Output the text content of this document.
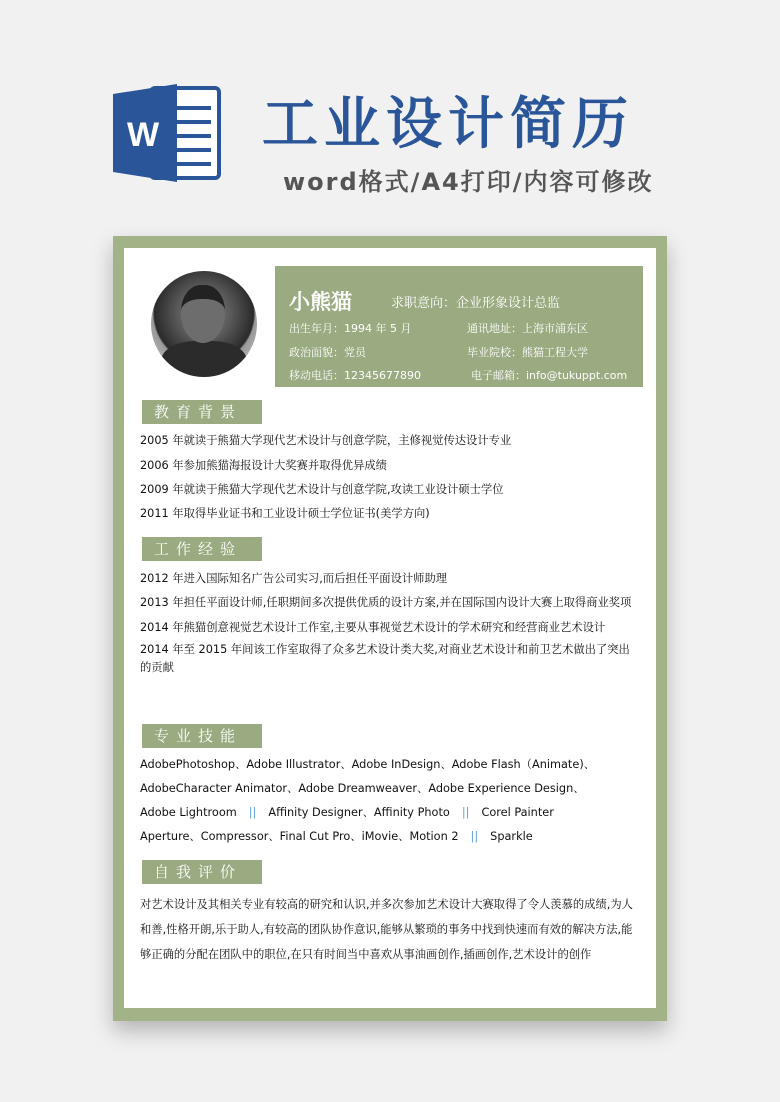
W 工业设计简历
word格式/A4打印/内容可修改
小熊猫	求职意向：企业形象设计总监
出生年月：1994 年 5 月	通讯地址：上海市浦东区
政治面貌：党员	毕业院校：熊猫工程大学
移动电话：12345677890	电子邮箱：info@tukuppt.com
教育背景
2005 年就读于熊猫大学现代艺术设计与创意学院，主修视觉传达设计专业
2006 年参加熊猫海报设计大奖赛并取得优异成绩
2009 年就读于熊猫大学现代艺术设计与创意学院,攻读工业设计硕士学位
2011 年取得毕业证书和工业设计硕士学位证书(美学方向)
工作经验
2012 年进入国际知名广告公司实习,而后担任平面设计师助理
2013 年担任平面设计师,任职期间多次提供优质的设计方案,并在国际国内设计大赛上取得商业奖项
2014 年熊猫创意视觉艺术设计工作室,主要从事视觉艺术设计的学术研究和经营商业艺术设计
2014 年至 2015 年间该工作室取得了众多艺术设计类大奖,对商业艺术设计和前卫艺术做出了突出的贡献
专业技能
AdobePhotoshop、Adobe Illustrator、Adobe InDesign、Adobe Flash（Animate)、
AdobeCharacter Animator、Adobe Dreamweaver、Adobe Experience Design、
Adobe Lightroom || Affinity Designer、Affinity Photo || Corel Painter
Aperture、Compressor、Final Cut Pro、iMovie、Motion 2 || Sparkle
自我评价
对艺术设计及其相关专业有较高的研究和认识,并多次参加艺术设计大赛取得了令人羡慕的成绩,为人和善,性格开朗,乐于助人,有较高的团队协作意识,能够从繁琐的事务中找到快速而有效的解决方法,能够正确的分配在团队中的职位,在只有时间当中喜欢从事油画创作,插画创作,艺术设计的创作
